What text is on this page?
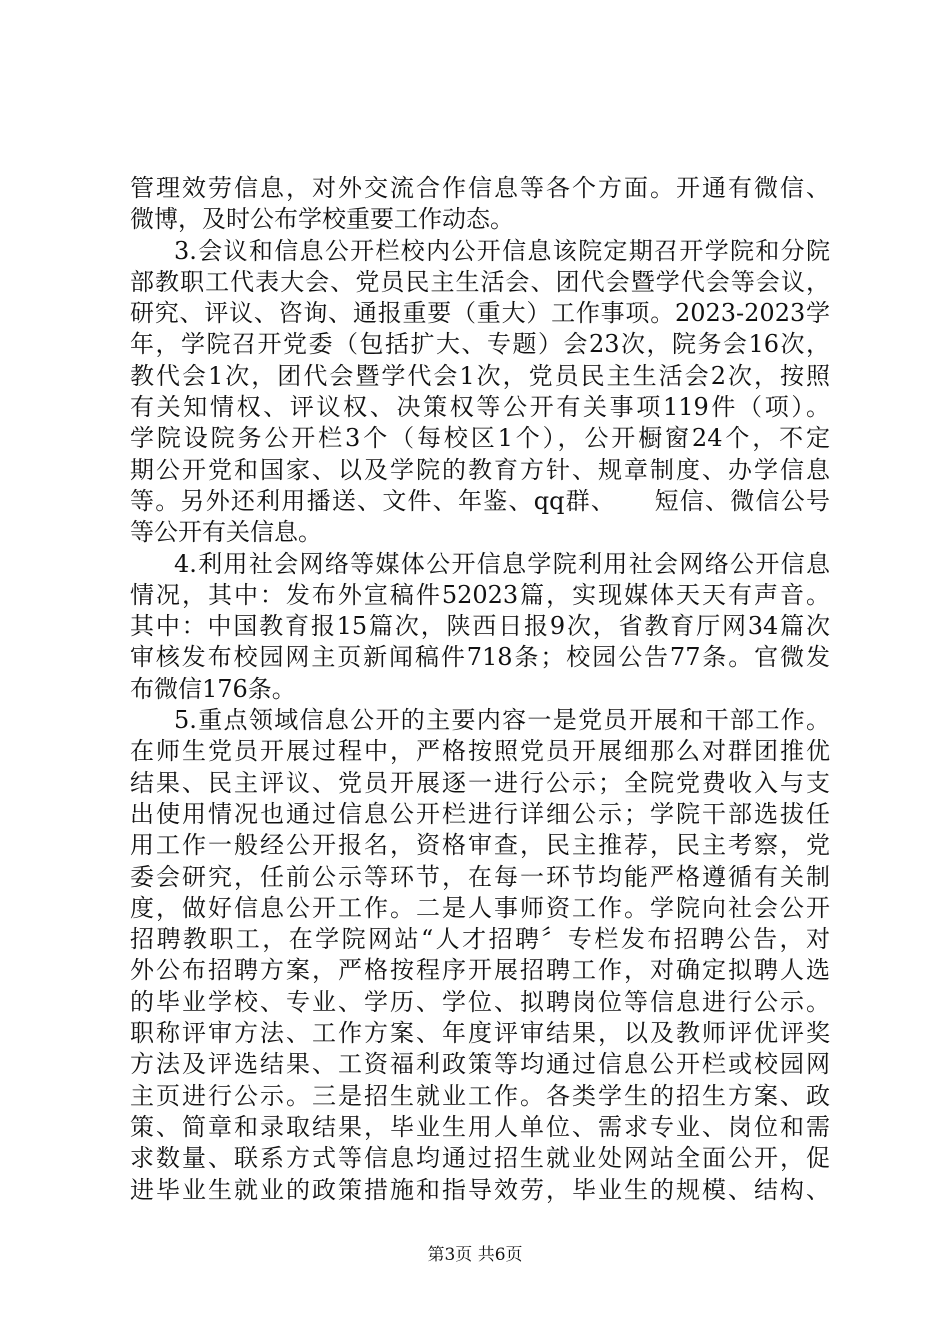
管理效劳信息，对外交流合作信息等各个方面。开通有微信、
微博，及时公布学校重要工作动态。
3.会议和信息公开栏校内公开信息该院定期召开学院和分院
部教职工代表大会、党员民主生活会、团代会暨学代会等会议，
研究、评议、咨询、通报重要（重大）工作事项。2023-2023学
年，学院召开党委（包括扩大、专题）会23次，院务会16次，
教代会1次，团代会暨学代会1次，党员民主生活会2次，按照
有关知情权、评议权、决策权等公开有关事项119件（项）。
学院设院务公开栏3个（每校区1个），公开橱窗24个，不定
期公开党和国家、以及学院的教育方针、规章制度、办学信息
等。另外还利用播送、文件、年鉴、qq群、　　短信、微信公号
等公开有关信息。
4.利用社会网络等媒体公开信息学院利用社会网络公开信息
情况，其中：发布外宣稿件52023篇，实现媒体天天有声音。
其中：中国教育报15篇次，陕西日报9次，省教育厅网34篇次
审核发布校园网主页新闻稿件718条；校园公告77条。官微发
布微信176条。
5.重点领域信息公开的主要内容一是党员开展和干部工作。
在师生党员开展过程中，严格按照党员开展细那么对群团推优
结果、民主评议、党员开展逐一进行公示；全院党费收入与支
出使用情况也通过信息公开栏进行详细公示；学院干部选拔任
用工作一般经公开报名，资格审查，民主推荐，民主考察，党
委会研究，任前公示等环节，在每一环节均能严格遵循有关制
度，做好信息公开工作。二是人事师资工作。学院向社会公开
招聘教职工，在学院网站“人才招聘〞专栏发布招聘公告，对
外公布招聘方案，严格按程序开展招聘工作，对确定拟聘人选
的毕业学校、专业、学历、学位、拟聘岗位等信息进行公示。
职称评审方法、工作方案、年度评审结果，以及教师评优评奖
方法及评选结果、工资福利政策等均通过信息公开栏或校园网
主页进行公示。三是招生就业工作。各类学生的招生方案、政
策、简章和录取结果，毕业生用人单位、需求专业、岗位和需
求数量、联系方式等信息均通过招生就业处网站全面公开，促
进毕业生就业的政策措施和指导效劳，毕业生的规模、结构、
第3页 共6页
